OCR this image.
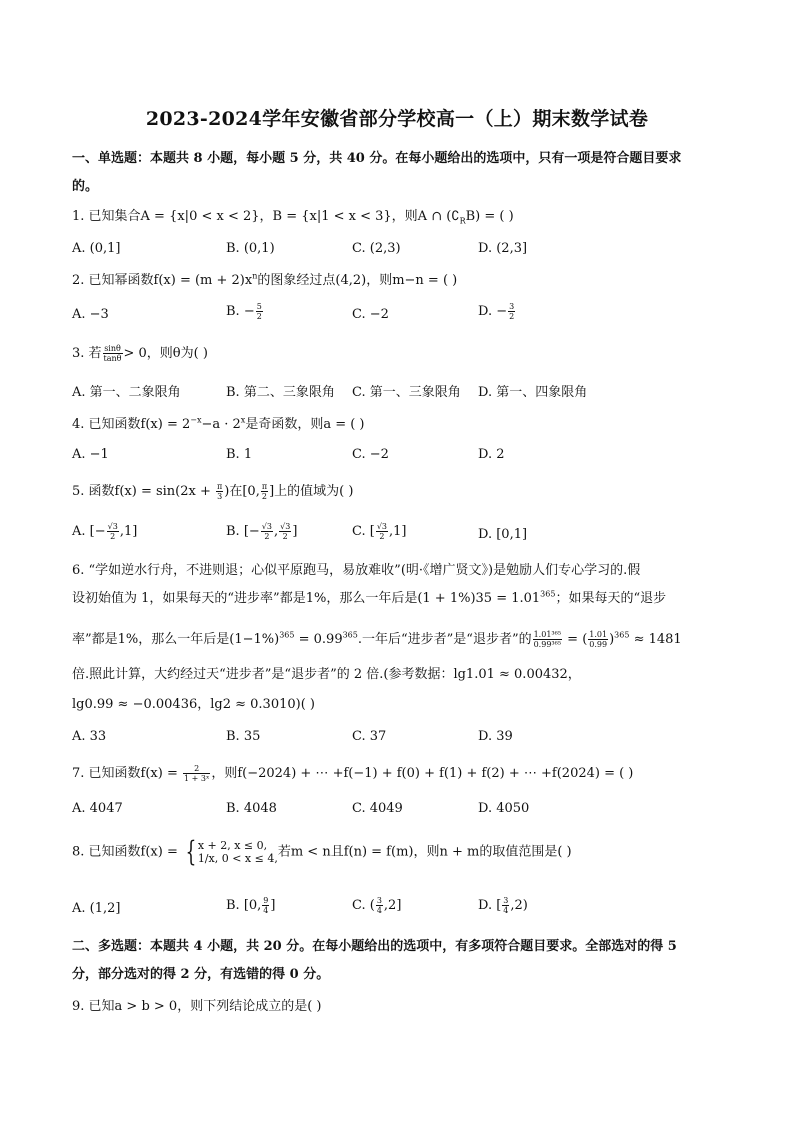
2023-2024学年安徽省部分学校高一（上）期末数学试卷
一、单选题：本题共 8 小题，每小题 5 分，共 40 分。在每小题给出的选项中，只有一项是符合题目要求
的。
1. 已知集合A = {x|0 < x < 2}，B = {x|1 < x < 3}，则A ∩ $(∁_RB)$ = ( )
A. (0,1]	B. (0,1)	C. (2,3)	D. (2,3]
2. 已知幂函数$f(x) = (m + 2)x^n$的图象经过点(4,2)，则m−n = ( )
A. −3	B. − $\frac{5}{2}$	C. −2	D. − $\frac{3}{2}$
3. 若 $\frac{\sin\theta}{\tan\theta} > 0$，则θ为( )
A. 第一、二象限角	B. 第二、三象限角 C. 第一、三象限角 D. 第一、四象限角
4. 已知函数$f(x) = 2^{-x}-a \cdot 2^x$是奇函数，则a = ( )
A. −1	B. 1	C. −2	D. 2
5. 函数$f(x) = \sin(2x + \frac{\pi}{3}$ )在[0, $\frac{\pi}{2}$ ]上的值域为( )
A. [− $\frac{√3}{2} ,1$]	B. [− $\frac{√3}{2}$ , $\frac{√3}{2}$ ]	C. [ $\frac{√3}{2} ,1$]	D. [0,1]
6. “学如逆水行舟，不进则退；心似平原跑马，易放难收”(明·《增广贤文》)是勉励人们专心学习的.假
设初始值为 1，如果每天的“进步率”都是1%，那么一年后是$(1 + 1\%)35 = 1.01^{365}$；如果每天的“退步
率”都是1%，那么一年后是$(1-1\%)^{365} = 0.99^{365}$.一年后“进步者”是“退步者”的 $\frac{\text{1.01³⁶⁵}}{\text{0.99³⁶⁵}}$ = ( $\frac{1.01}{0.99} )^{365} \approx 1481$
倍.照此计算，大约经过天“进步者”是“退步者”的 2 倍.(参考数据：lg1.01 ≈ 0.00432，
lg0.99 ≈ −0.00436，lg2 ≈ 0.3010)( )
A. 33	B. 35	C. 37	D. 39
7. 已知函数$f(x) = \frac{2}{\text{1 + 3ˣ}}$ ，则f(−2024) + ⋯ +f(−1) + f(0) + f(1) + f(2) + ⋯ +f(2024) = ( )
A. 4047	B. 4048	C. 4049	D. 4050
8. 已知函数f(x) = { x + 2, x ≤ 0,
1/x, 0 < x ≤ 4, 若m < n且f(n) = f(m)，则n + m的取值范围是( )
A. (1,2]	B. [0, $\frac{9}{4}$ ]	C. ( $\frac{3}{4} ,2$]	D. [ $\frac{3}{4} ,2$)
二、多选题：本题共 4 小题，共 20 分。在每小题给出的选项中，有多项符合题目要求。全部选对的得 5
分，部分选对的得 2 分，有选错的得 0 分。
9. 已知a > b > 0，则下列结论成立的是( )
